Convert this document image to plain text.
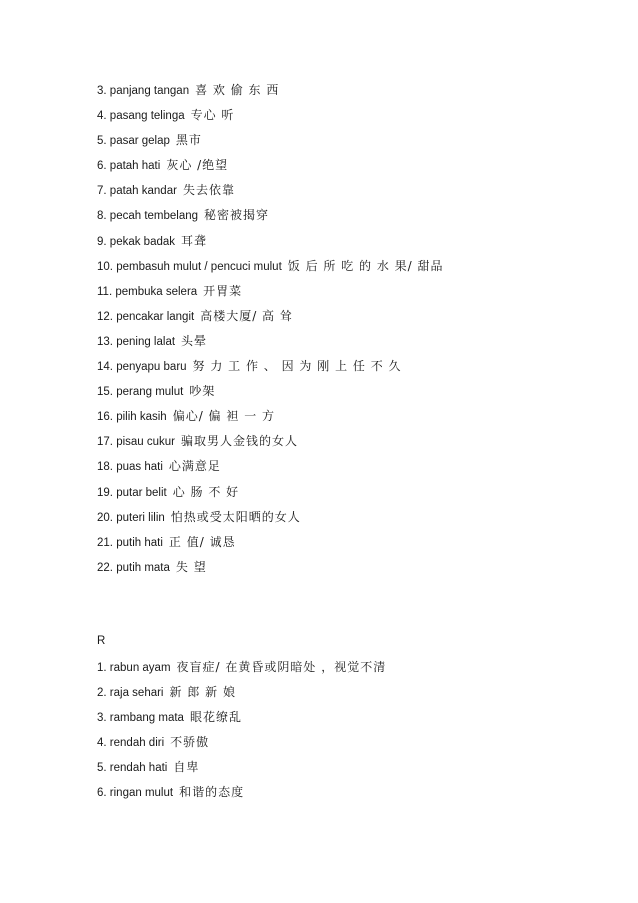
3. panjang tangan 喜 欢 偷 东 西
4. pasang telinga 专心 听
5. pasar gelap 黑市
6. patah hati 灰心 /绝望
7. patah kandar 失去依靠
8. pecah tembelang 秘密被揭穿
9. pekak badak 耳聋
10. pembasuh mulut / pencuci mulut 饭 后 所 吃 的 水 果/ 甜品
11. pembuka selera 开胃菜
12. pencakar langit 高楼大厦/ 高 耸
13. pening lalat 头晕
14. penyapu baru 努 力 工 作 、 因 为 刚 上 任 不 久
15. perang mulut 吵架
16. pilih kasih 偏心/ 偏 袒 一 方
17. pisau cukur 骗取男人金钱的女人
18. puas hati 心满意足
19. putar belit 心 肠 不 好
20. puteri lilin 怕热或受太阳晒的女人
21. putih hati 正 值/ 诚恳
22. putih mata 失 望
R
1. rabun ayam 夜盲症/ 在黄昏或阴暗处 ，视觉不清
2. raja sehari 新 郎 新 娘
3. rambang mata 眼花缭乱
4. rendah diri 不骄傲
5. rendah hati 自卑
6. ringan mulut 和谐的态度
